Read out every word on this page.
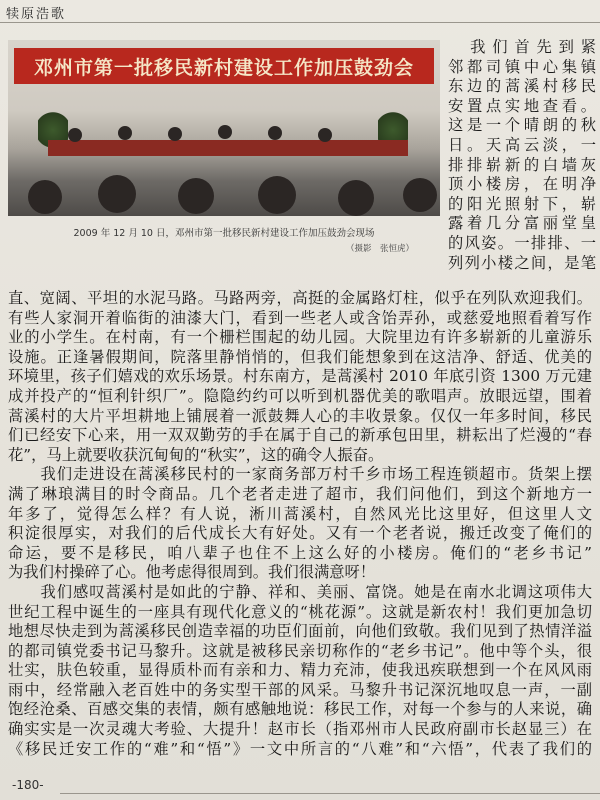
犊原浩歌
邓州市第一批移民新村建设工作加压鼓劲会
2009 年 12 月 10 日，邓州市第一批移民新村建设工作加压鼓劲会现场
（摄影　张恒虎）
　我们首先到紧
邻都司镇中心集镇
东边的蒿溪村移民
安置点实地查看。
这是一个晴朗的秋
日。天高云淡，一
排排崭新的白墙灰
顶小楼房，在明净
的阳光照射下，崭
露着几分富丽堂皇
的风姿。一排排、一
列列小楼之间，是笔
直、宽阔、平坦的水泥马路。马路两旁，高挺的金属路灯柱，似乎在列队欢迎我们。
有些人家洞开着临街的油漆大门，看到一些老人或含饴弄孙，或慈爱地照看着写作
业的小学生。在村南，有一个栅栏围起的幼儿园。大院里边有许多崭新的儿童游乐
设施。正逢暑假期间，院落里静悄悄的，但我们能想象到在这洁净、舒适、优美的
环境里，孩子们嬉戏的欢乐场景。村东南方，是蒿溪村 2010 年底引资 1300 万元建
成并投产的“恒利针织厂”。隐隐约约可以听到机器优美的歌唱声。放眼远望，围着
蒿溪村的大片平坦耕地上铺展着一派鼓舞人心的丰收景象。仅仅一年多时间，移民
们已经安下心来，用一双双勤劳的手在属于自己的新承包田里，耕耘出了烂漫的“春
花”，马上就要收获沉甸甸的“秋实”，这的确令人振奋。
　　我们走进设在蒿溪移民村的一家商务部万村千乡市场工程连锁超市。货架上摆
满了琳琅满目的时令商品。几个老者走进了超市，我们问他们，到这个新地方一
年多了，觉得怎么样？有人说，淅川蒿溪村，自然风光比这里好，但这里人文
积淀很厚实，对我们的后代成长大有好处。又有一个老者说，搬迁改变了俺们的
命运，要不是移民，咱八辈子也住不上这么好的小楼房。俺们的“老乡书记”
为我们村操碎了心。他考虑得很周到。我们很满意呀！
　　我们感叹蒿溪村是如此的宁静、祥和、美丽、富饶。她是在南水北调这项伟大
世纪工程中诞生的一座具有现代化意义的“桃花源”。这就是新农村！我们更加急切
地想尽快走到为蒿溪移民创造幸福的功臣们面前，向他们致敬。我们见到了热情洋溢
的都司镇党委书记马黎升。这就是被移民亲切称作的“老乡书记”。他中等个头，很
壮实，肤色较重，显得质朴而有亲和力、精力充沛，使我迅疾联想到一个在风风雨
雨中，经常融入老百姓中的务实型干部的风采。马黎升书记深沉地叹息一声，一副
饱经沧桑、百感交集的表情，颇有感触地说：移民工作，对每一个参与的人来说，确
确实实是一次灵魂大考验、大提升！赵市长（指邓州市人民政府副市长赵显三）在
《移民迁安工作的“难”和“悟”》一文中所言的“八难”和“六悟”，代表了我们的
-180-
